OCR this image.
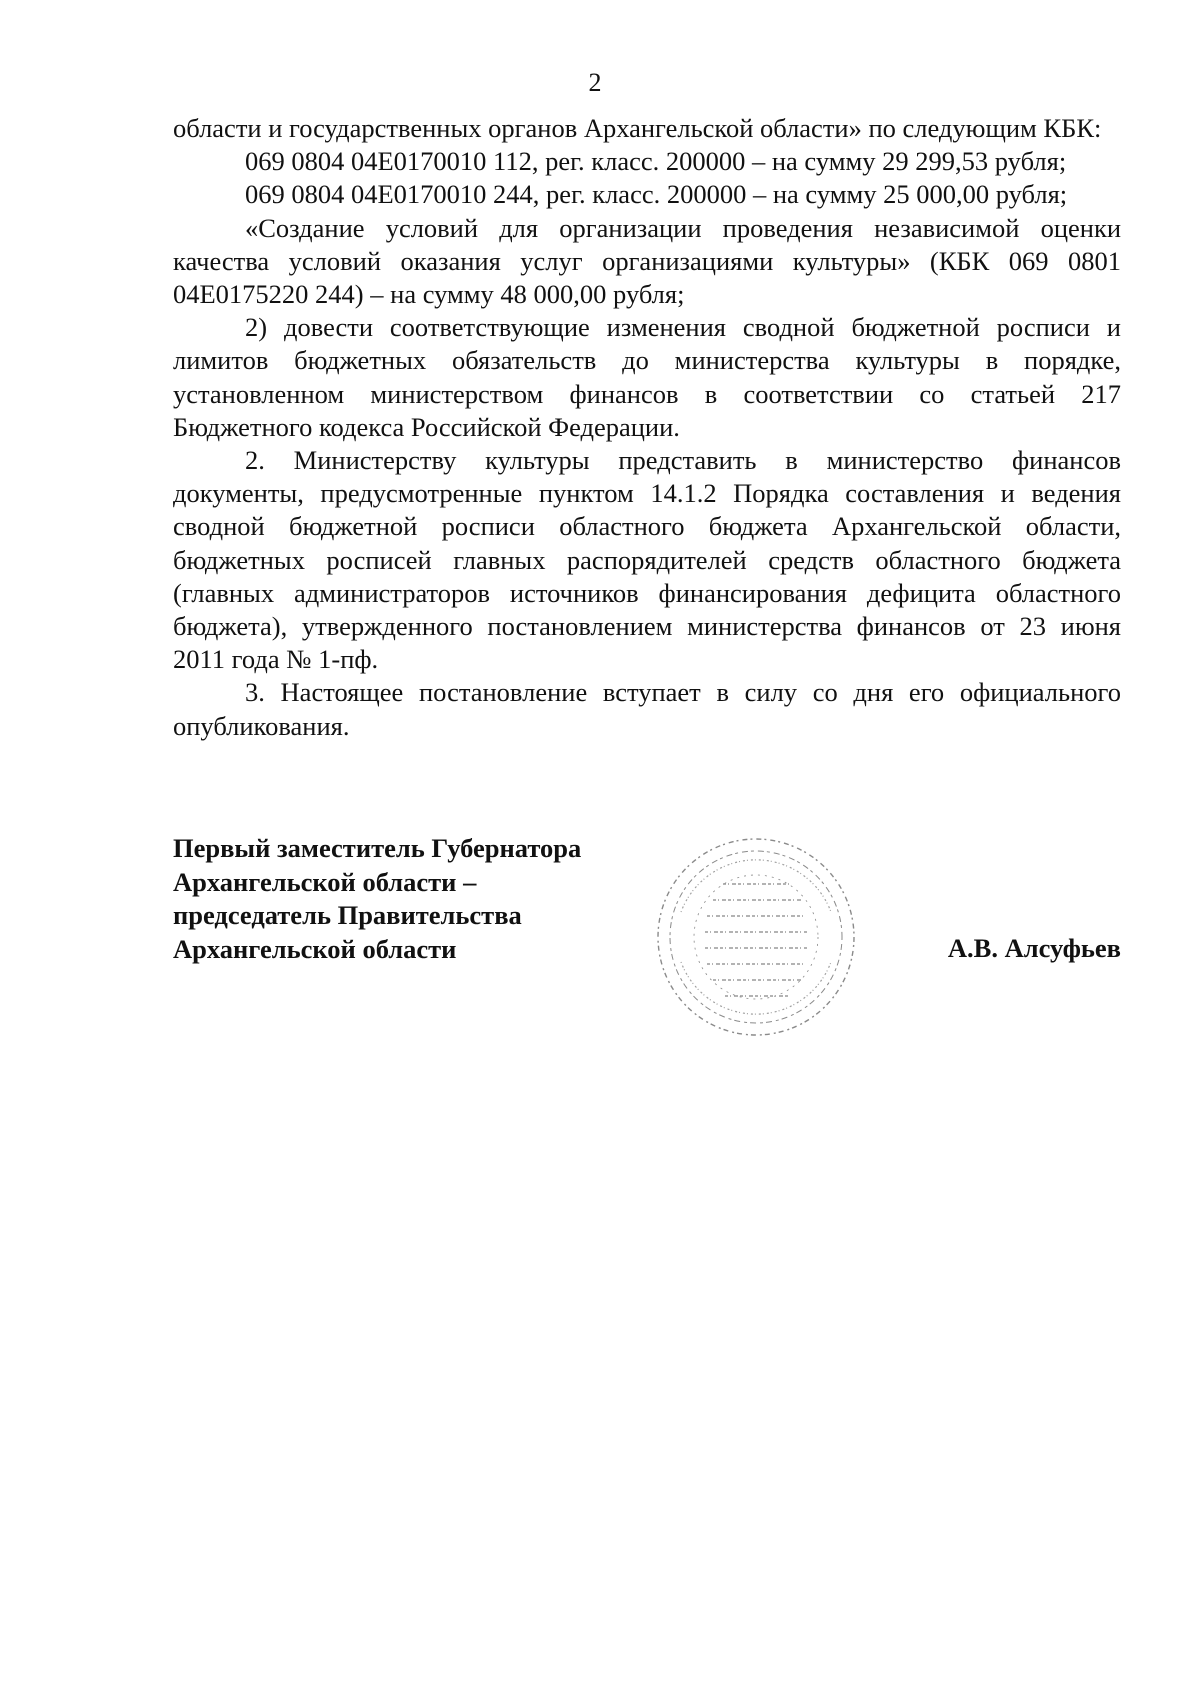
2

области и государственных органов Архангельской области» по следующим КБК:

069 0804 04Е0170010 112, рег. класс. 200000 – на сумму 29 299,53 рубля;

069 0804 04Е0170010 244, рег. класс. 200000 – на сумму 25 000,00 рубля;

«Создание условий для организации проведения независимой оценки качества условий оказания услуг организациями культуры» (КБК 069 0801 04Е0175220 244) – на сумму 48 000,00 рубля;

2) довести соответствующие изменения сводной бюджетной росписи и лимитов бюджетных обязательств до министерства культуры в порядке, установленном министерством финансов в соответствии со статьей 217 Бюджетного кодекса Российской Федерации.

2. Министерству культуры представить в министерство финансов документы, предусмотренные пунктом 14.1.2 Порядка составления и ведения сводной бюджетной росписи областного бюджета Архангельской области, бюджетных росписей главных распорядителей средств областного бюджета (главных администраторов источников финансирования дефицита областного бюджета), утвержденного постановлением министерства финансов от 23 июня 2011 года № 1-пф.

3. Настоящее постановление вступает в силу со дня его официального опубликования.

Первый заместитель Губернатора
Архангельской области –
председатель Правительства
Архангельской области	А.В. Алсуфьев
